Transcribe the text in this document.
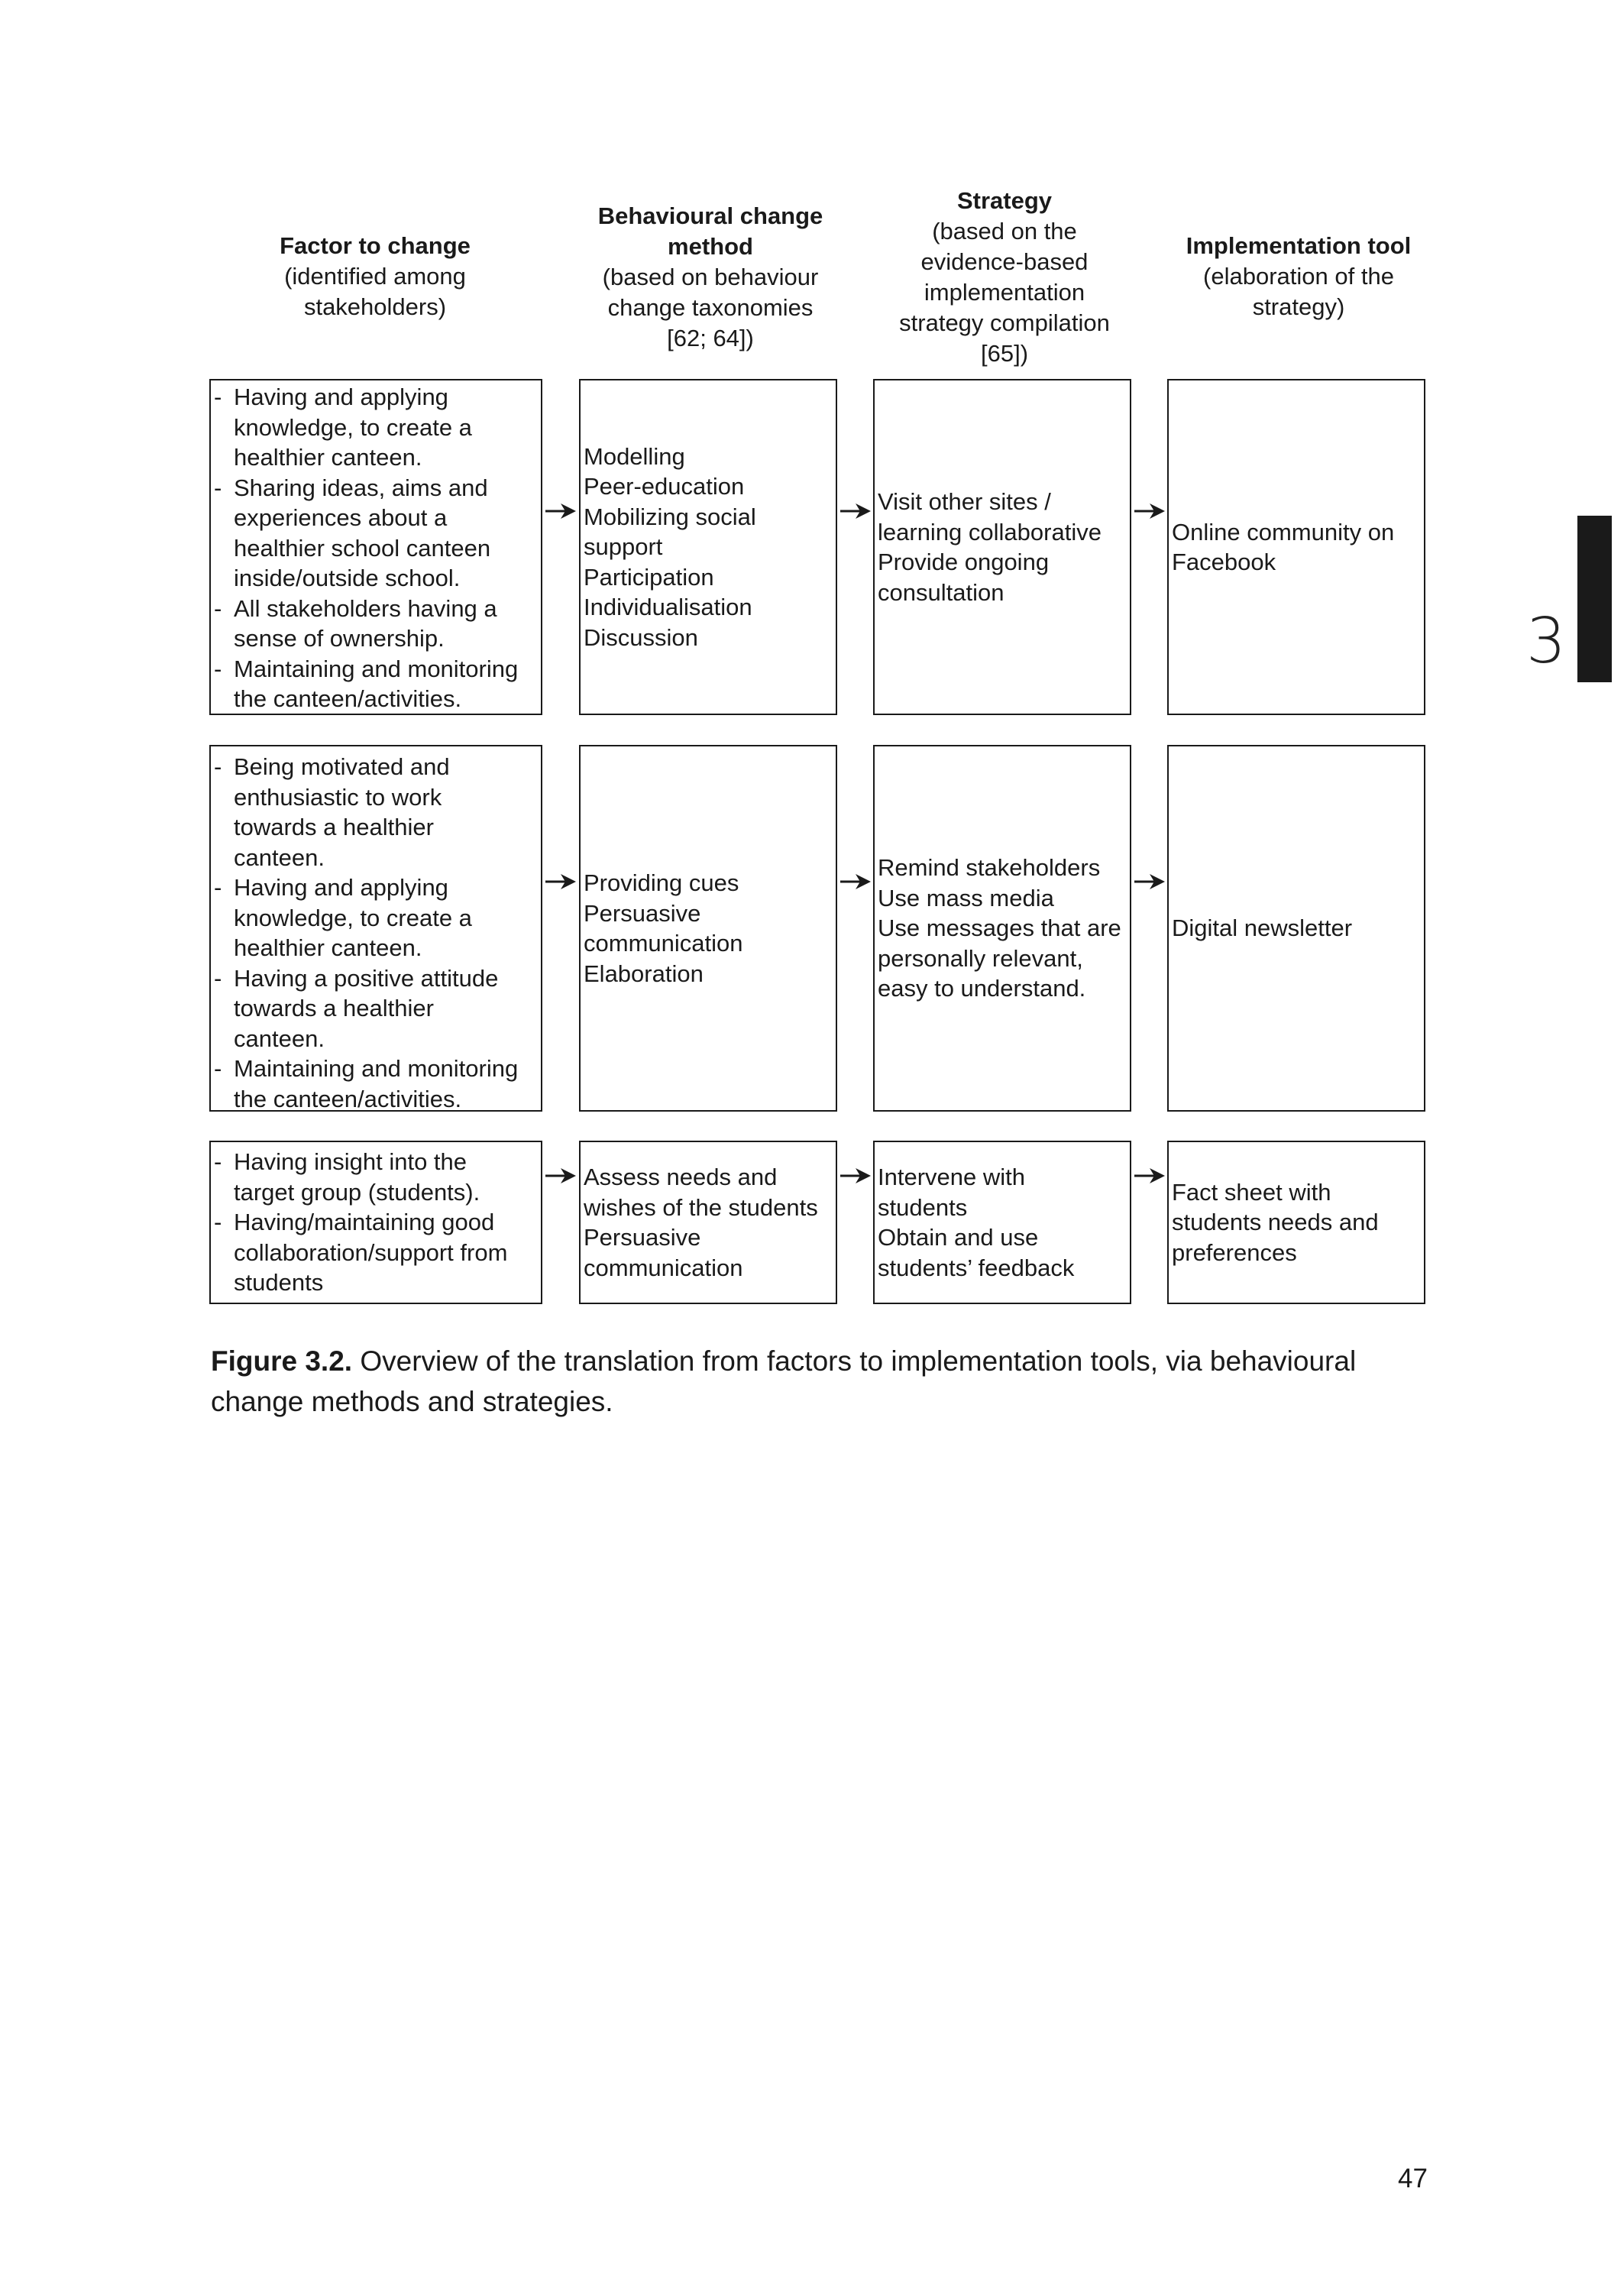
Factor to change
(identified among
stakeholders)
Behavioural change
method
(based on behaviour
change taxonomies
[62; 64])
Strategy
(based on the
evidence-based
implementation
strategy compilation
[65])
Implementation tool
(elaboration of the
strategy)
- Having and applying
knowledge, to create a
healthier canteen.
- Sharing ideas, aims and
experiences about a
healthier school canteen
inside/outside school.
- All stakeholders having a
sense of ownership.
- Maintaining and monitoring
the canteen/activities.
Modelling
Peer-education
Mobilizing social
support
Participation
Individualisation
Discussion
Visit other sites /
learning collaborative
Provide ongoing
consultation
Online community on
Facebook
- Being motivated and
enthusiastic to work
towards a healthier
canteen.
- Having and applying
knowledge, to create a
healthier canteen.
- Having a positive attitude
towards a healthier
canteen.
- Maintaining and monitoring
the canteen/activities.
Providing cues
Persuasive
communication
Elaboration
Remind stakeholders
Use mass media
Use messages that are
personally relevant,
easy to understand.
Digital newsletter
- Having insight into the
target group (students).
- Having/maintaining good
collaboration/support from
students
Assess needs and
wishes of the students
Persuasive
communication
Intervene with
students
Obtain and use
students’ feedback
Fact sheet with
students needs and
preferences
Figure 3.2. Overview of the translation from factors to implementation tools, via behavioural change methods and strategies.
3
47
